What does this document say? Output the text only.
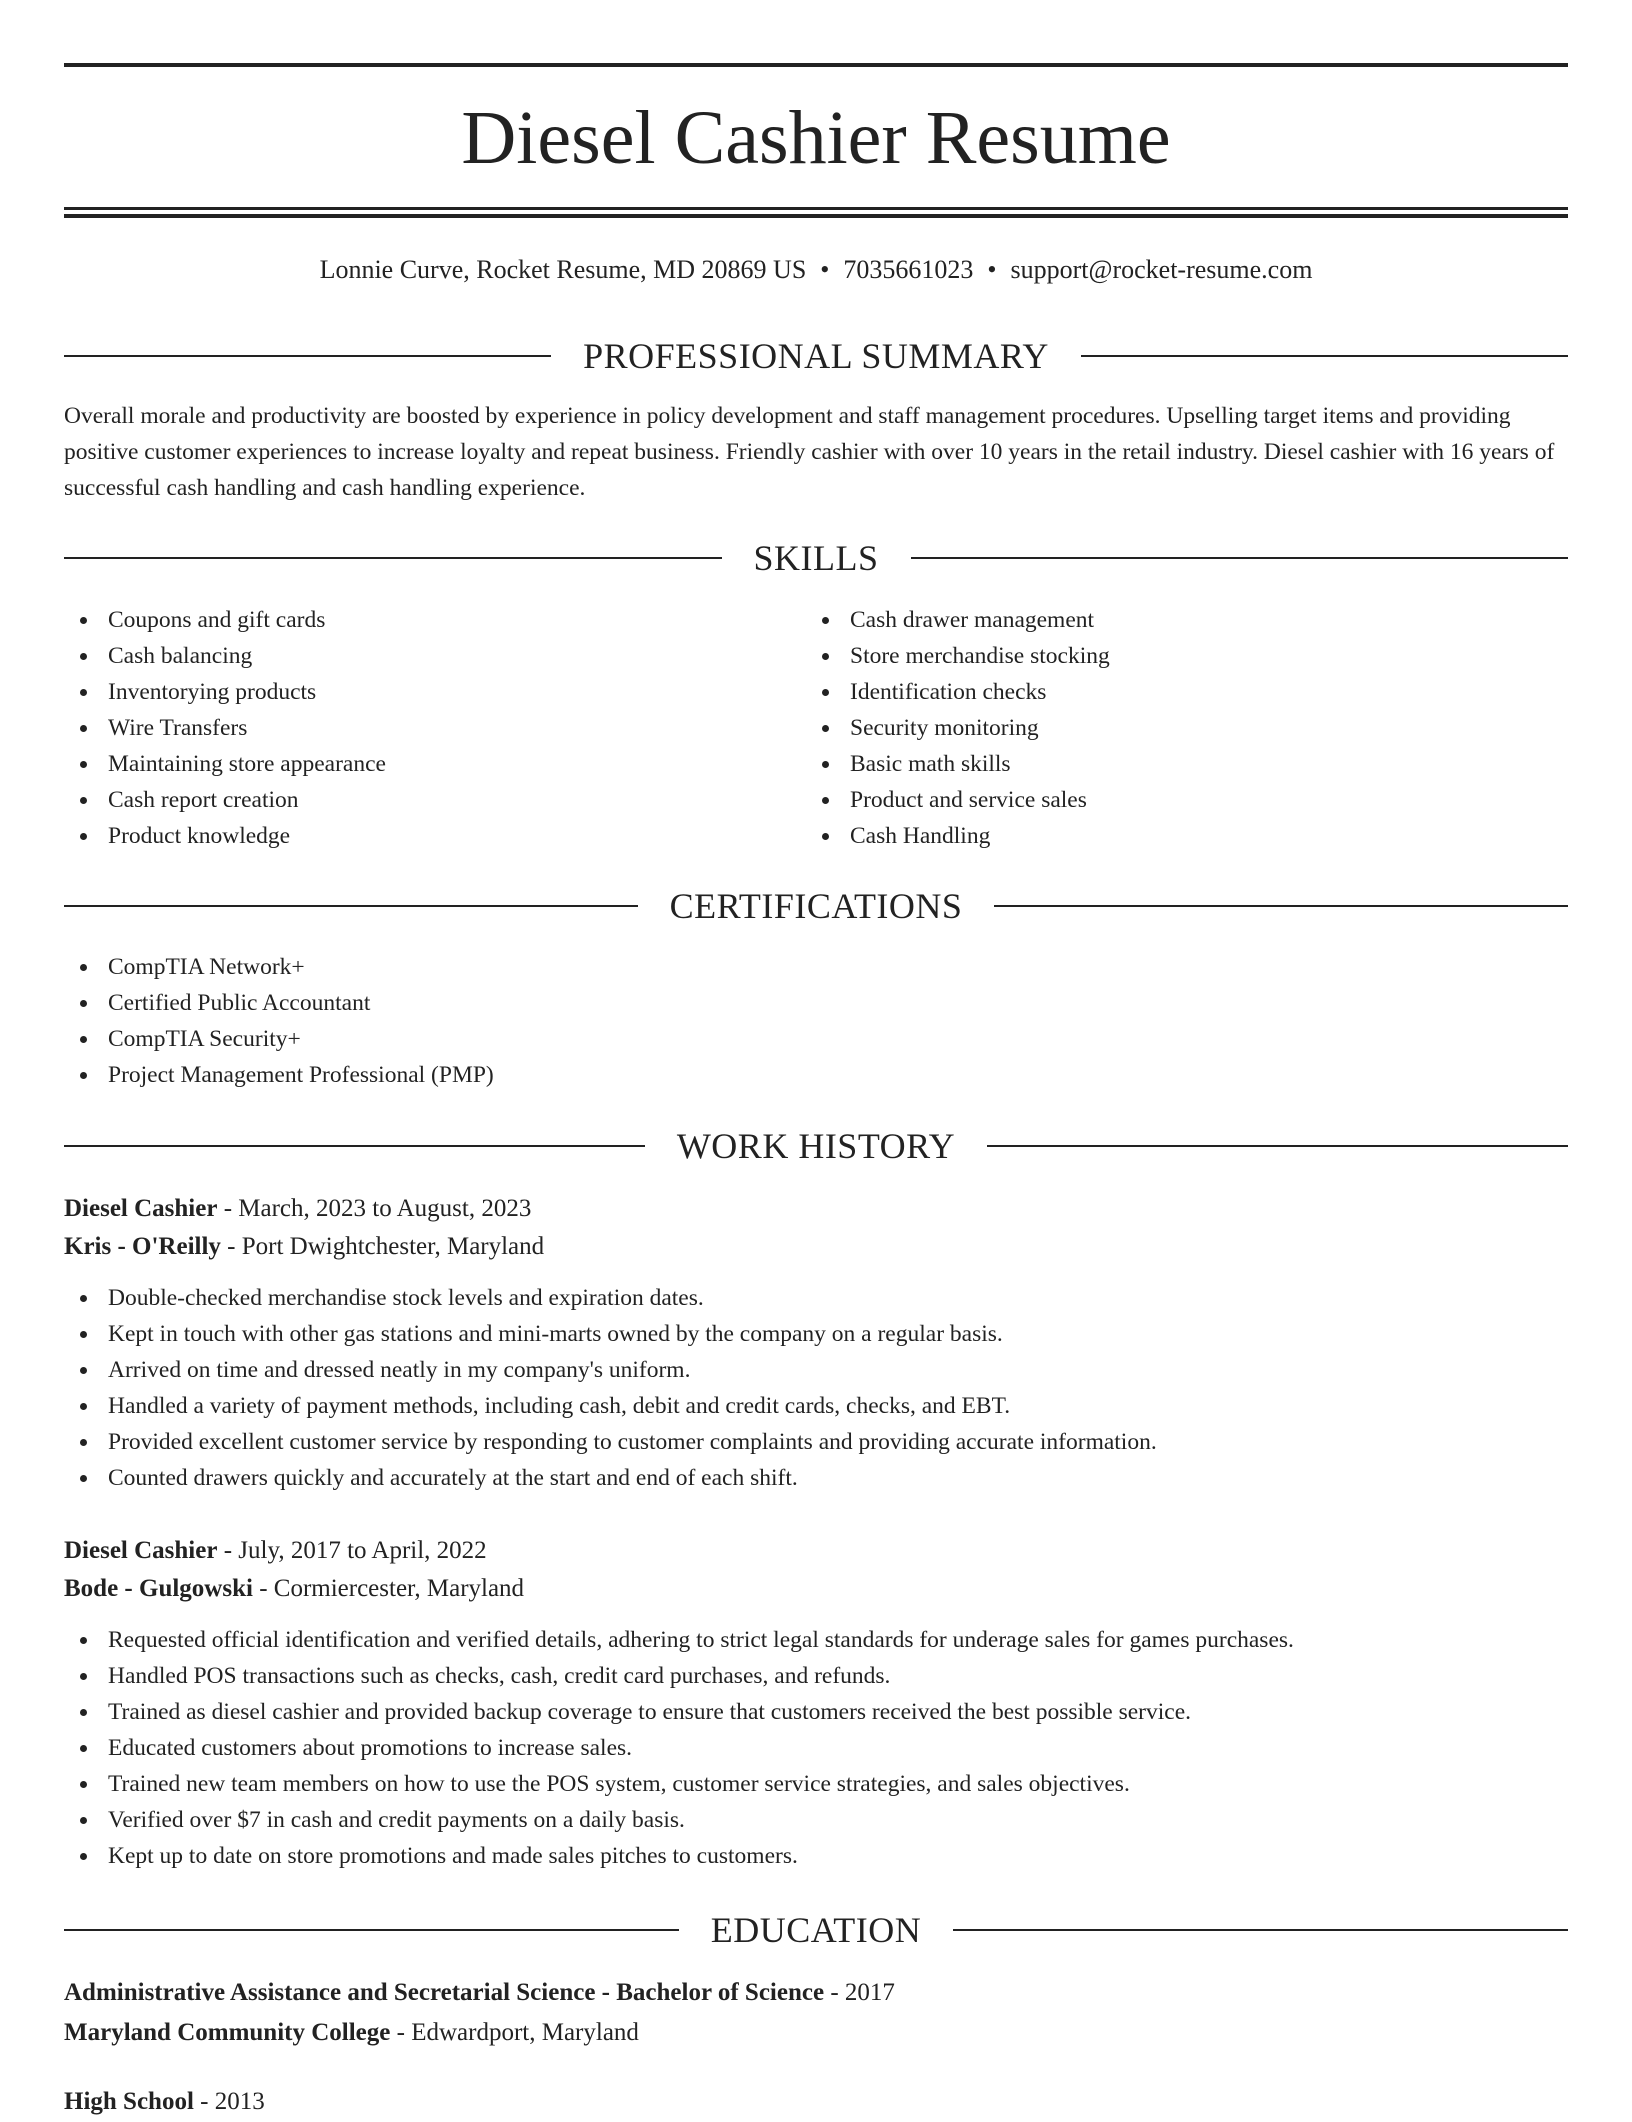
Diesel Cashier Resume
Lonnie Curve, Rocket Resume, MD 20869 US • 7035661023 • support@rocket-resume.com
PROFESSIONAL SUMMARY

Overall morale and productivity are boosted by experience in policy development and staff management procedures. Upselling target items and providing positive customer experiences to increase loyalty and repeat business. Friendly cashier with over 10 years in the retail industry. Diesel cashier with 16 years of successful cash handling and cash handling experience.

SKILLS
Coupons and gift cards
Cash balancing
Inventorying products
Wire Transfers
Maintaining store appearance
Cash report creation
Product knowledge
Cash drawer management
Store merchandise stocking
Identification checks
Security monitoring
Basic math skills
Product and service sales
Cash Handling
CERTIFICATIONS
CompTIA Network+
Certified Public Accountant
CompTIA Security+
Project Management Professional (PMP)
WORK HISTORY
Diesel Cashier - March, 2023 to August, 2023
Kris - O'Reilly - Port Dwightchester, Maryland
Double-checked merchandise stock levels and expiration dates.
Kept in touch with other gas stations and mini-marts owned by the company on a regular basis.
Arrived on time and dressed neatly in my company's uniform.
Handled a variety of payment methods, including cash, debit and credit cards, checks, and EBT.
Provided excellent customer service by responding to customer complaints and providing accurate information.
Counted drawers quickly and accurately at the start and end of each shift.
Diesel Cashier - July, 2017 to April, 2022
Bode - Gulgowski - Cormiercester, Maryland
Requested official identification and verified details, adhering to strict legal standards for underage sales for games purchases.
Handled POS transactions such as checks, cash, credit card purchases, and refunds.
Trained as diesel cashier and provided backup coverage to ensure that customers received the best possible service.
Educated customers about promotions to increase sales.
Trained new team members on how to use the POS system, customer service strategies, and sales objectives.
Verified over $7 in cash and credit payments on a daily basis.
Kept up to date on store promotions and made sales pitches to customers.
EDUCATION
Administrative Assistance and Secretarial Science - Bachelor of Science - 2017
Maryland Community College - Edwardport, Maryland
High School - 2013
